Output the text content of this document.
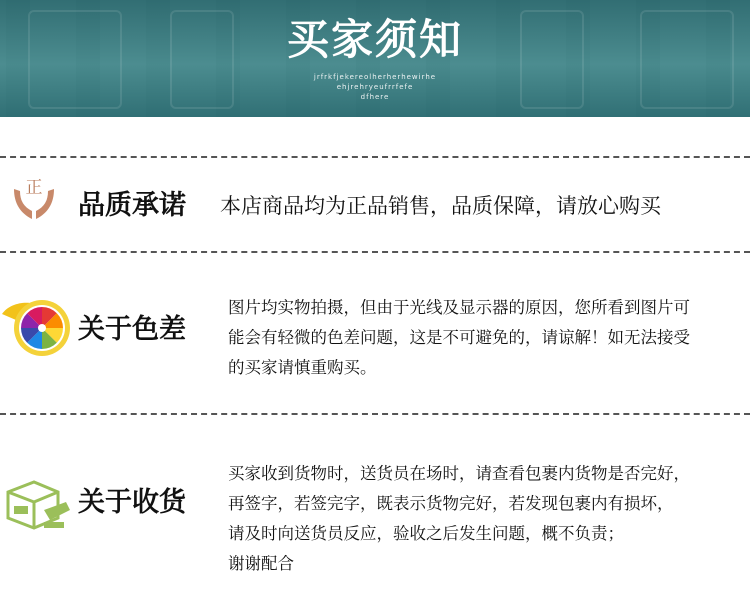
买家须知
jrfrkfjekereolherherhewirhe
ehjrehryeufrrfefe
dfhere
正
品质承诺 本店商品均为正品销售，品质保障，请放心购买
关于色差
图片均实物拍摄，但由于光线及显示器的原因，您所看到图片可
能会有轻微的色差问题，这是不可避免的，请谅解！如无法接受
的买家请慎重购买。
关于收货
买家收到货物时，送货员在场时，请查看包裹内货物是否完好，
再签字，若签完字，既表示货物完好，若发现包裹内有损坏，
请及时向送货员反应，验收之后发生问题，概不负责；
谢谢配合
